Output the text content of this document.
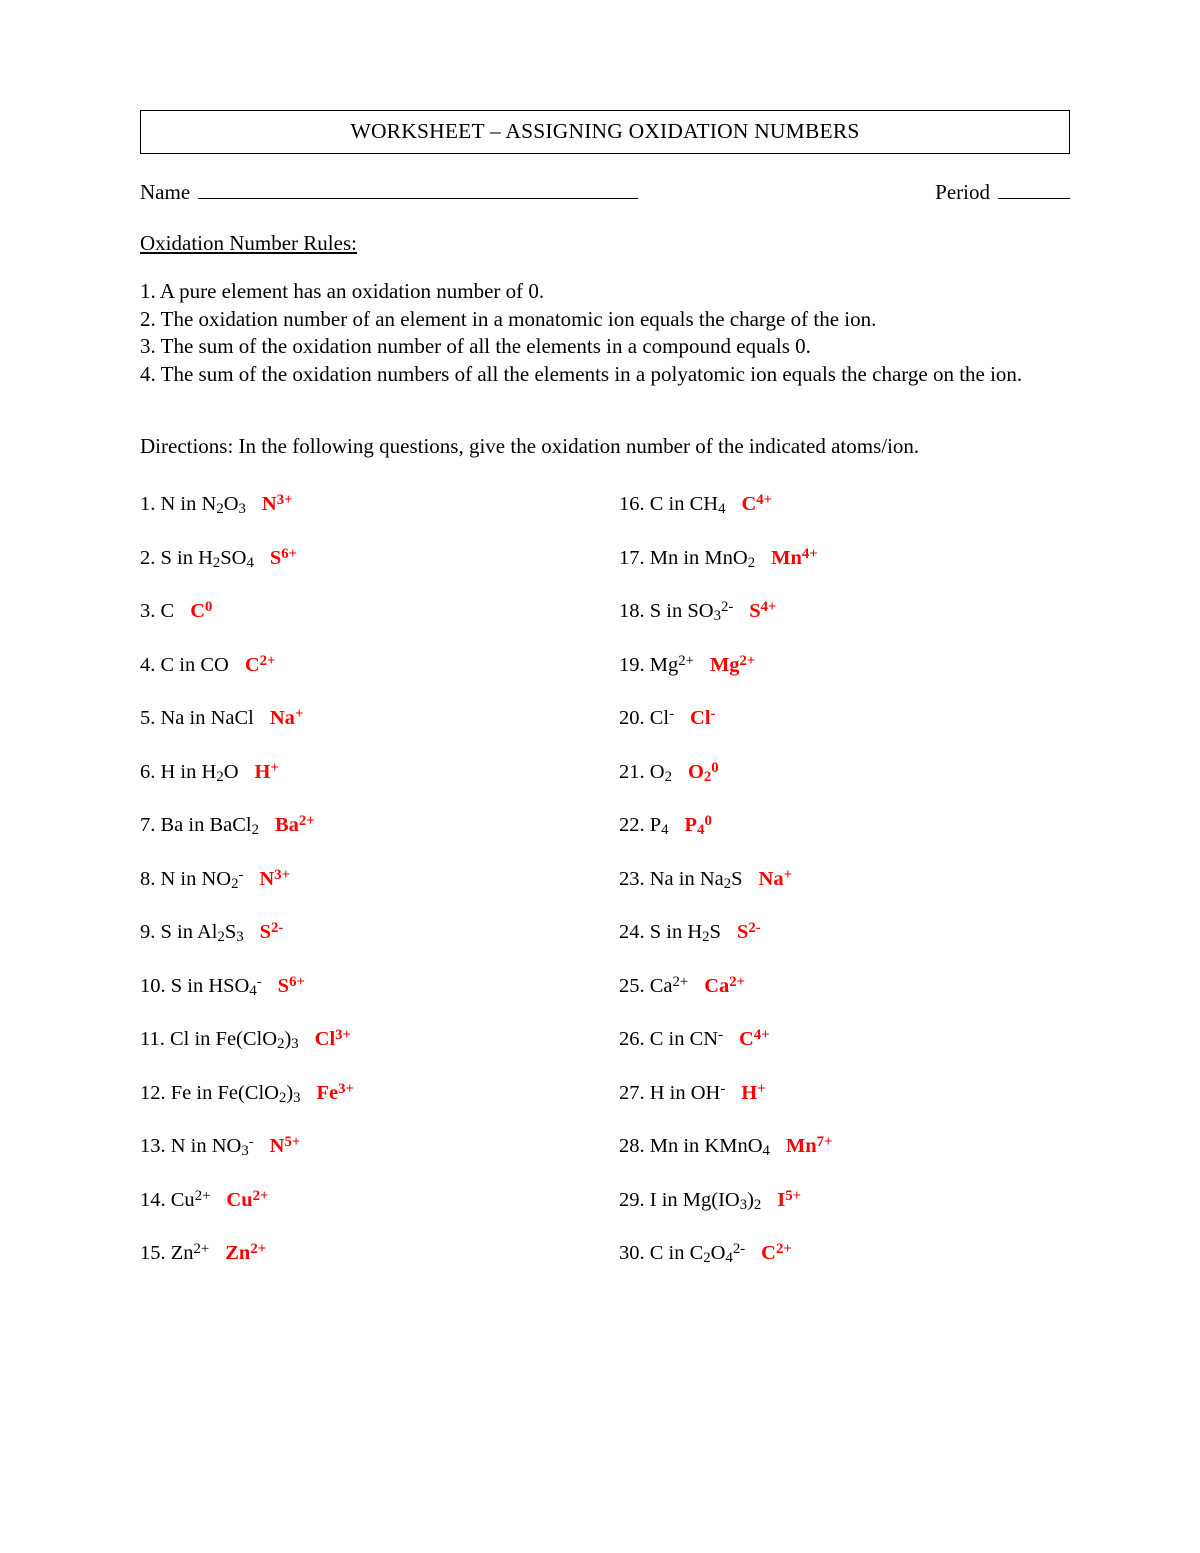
WORKSHEET – ASSIGNING OXIDATION NUMBERS
Name	Period
Oxidation Number Rules:
1. A pure element has an oxidation number of 0.
2. The oxidation number of an element in a monatomic ion equals the charge of the ion.
3. The sum of the oxidation number of all the elements in a compound equals 0.
4. The sum of the oxidation numbers of all the elements in a polyatomic ion equals the charge on the ion.
Directions: In the following questions, give the oxidation number of the indicated atoms/ion.
1. N in $N_2O_3$ $N^{3+}$
2. S in $H_2SO_4$ $S^{6+}$
3. C $C^0$
4. C in CO $C^{2+}$
5. Na in NaCl Na+
6. H in $H_2O$ H+
7. Ba in BaCl$_2$ $Ba^{2+}$
8. N in $NO_2^-$ $N^{3+}$
9. S in $Al_2S_3$ $S^{2-}$
10. S in $HSO_4^-$ $S^{6+}$
11. Cl in $Fe(ClO_2)_3$ $Cl^{3+}$
12. Fe in $Fe(ClO_2)_3$ $Fe^{3+}$
13. N in $NO_3^-$ $N^{5+}$
14. $Cu^{2+}$ $Cu^{2+}$
15. $Zn^{2+}$ $Zn^{2+}$
16. C in $CH_4$ $C^{4+}$
17. Mn in MnO$_2$ $Mn^{4+}$
18. S in $SO_3^{2-}$ $S^{4+}$
19. $Mg^{2+}$ $Mg^{2+}$
20. Cl- Cl-
21. $O_2$ $O_2^0$
22. $P_4$ $P_4^0$
23. Na in $Na_2S$ Na+
24. S in $H_2S$ $S^{2-}$
25. $Ca^{2+}$ $Ca^{2+}$
26. C in CN- $C^{4+}$
27. H in OH- H+
28. Mn in KMnO$_4$ $Mn^{7+}$
29. I in $Mg(IO_3)_2$ $I^{5+}$
30. C in $C_2O_4^{2-}$ $C^{2+}$
